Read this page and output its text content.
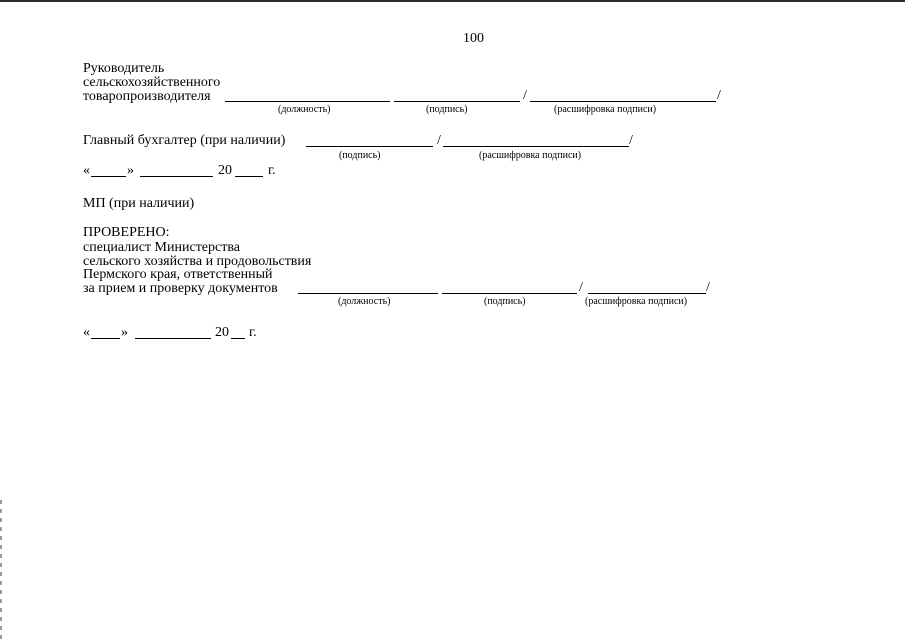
100
Руководитель
сельскохозяйственного
товаропроизводителя	/	/
(должность)	(подпись)	(расшифровка подписи)
Главный бухгалтер (при наличии)	/	/
(подпись)	(расшифровка подписи)
«	»	20	г.
МП (при наличии)
ПРОВЕРЕНО:
специалист Министерства
сельского хозяйства и продовольствия
Пермского края, ответственный
за прием и проверку документов	/	/
(должность)	(подпись)	(расшифровка подписи)
« »	20 г.
